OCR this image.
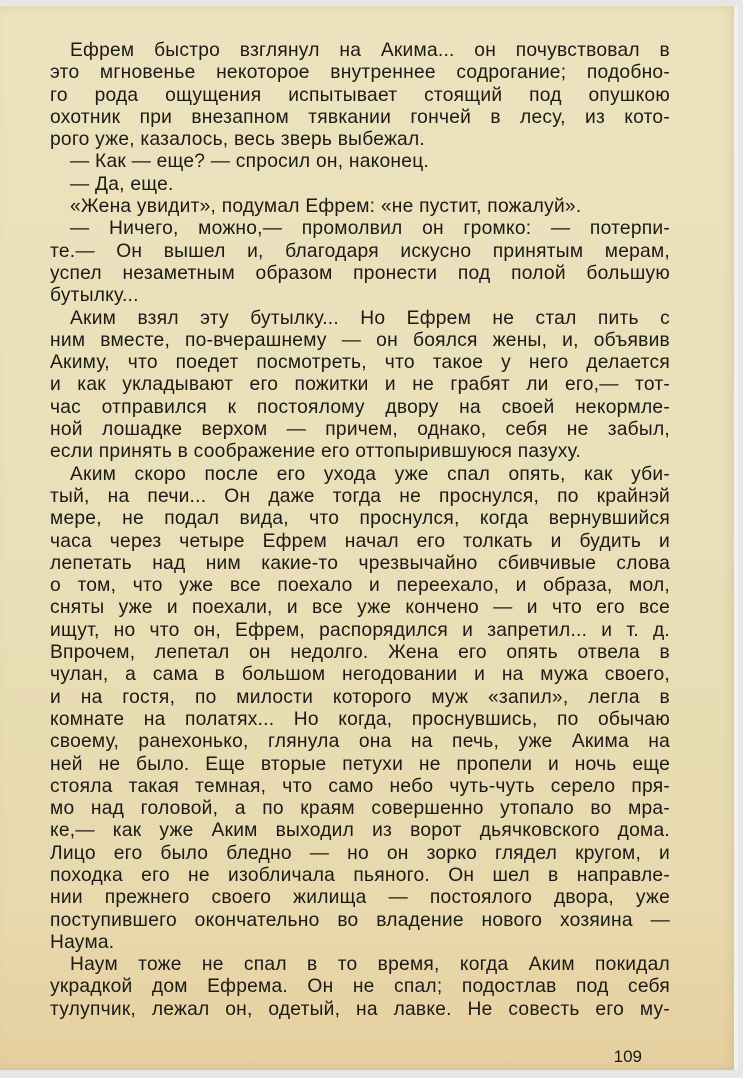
Ефрем быстро взглянул на Акима... он почувствовал в
это мгновенье некоторое внутреннее содрогание; подобно-
го рода ощущения испытывает стоящий под опушкою
охотник при внезапном тявкании гончей в лесу, из кото-
рого уже, казалось, весь зверь выбежал.
— Как — еще? — спросил он, наконец.
— Да, еще.
«Жена увидит», подумал Ефрем: «не пустит, пожалуй».
— Ничего, можно,— промолвил он громко: — потерпи-
те.— Он вышел и, благодаря искусно принятым мерам,
успел незаметным образом пронести под полой большую
бутылку...
Аким взял эту бутылку... Но Ефрем не стал пить с
ним вместе, по-вчерашнему — он боялся жены, и, объявив
Акиму, что поедет посмотреть, что такое у него делается
и как укладывают его пожитки и не грабят ли его,— тот-
час отправился к постоялому двору на своей некормле-
ной лошадке верхом — причем, однако, себя не забыл,
если принять в соображение его оттопырившуюся пазуху.
Аким скоро после его ухода уже спал опять, как уби-
тый, на печи... Он даже тогда не проснулся, по крайнэй
мере, не подал вида, что проснулся, когда вернувшийся
часа через четыре Ефрем начал его толкать и будить и
лепетать над ним какие-то чрезвычайно сбивчивые слова
о том, что уже все поехало и переехало, и образа, мол,
сняты уже и поехали, и все уже кончено — и что его все
ищут, но что он, Ефрем, распорядился и запретил... и т. д.
Впрочем, лепетал он недолго. Жена его опять отвела в
чулан, а сама в большом негодовании и на мужа своего,
и на гостя, по милости которого муж «запил», легла в
комнате на полатях... Но когда, проснувшись, по обычаю
своему, ранехонько, глянула она на печь, уже Акима на
ней не было. Еще вторые петухи не пропели и ночь еще
стояла такая темная, что само небо чуть-чуть серело пря-
мо над головой, а по краям совершенно утопало во мра-
ке,— как уже Аким выходил из ворот дьячковского дома.
Лицо его было бледно — но он зорко глядел кругом, и
походка его не изобличала пьяного. Он шел в направле-
нии прежнего своего жилища — постоялого двора, уже
поступившего окончательно во владение нового хозяина —
Наума.
Наум тоже не спал в то время, когда Аким покидал
украдкой дом Ефрема. Он не спал; подостлав под себя
тулупчик, лежал он, одетый, на лавке. Не совесть его му-
109
